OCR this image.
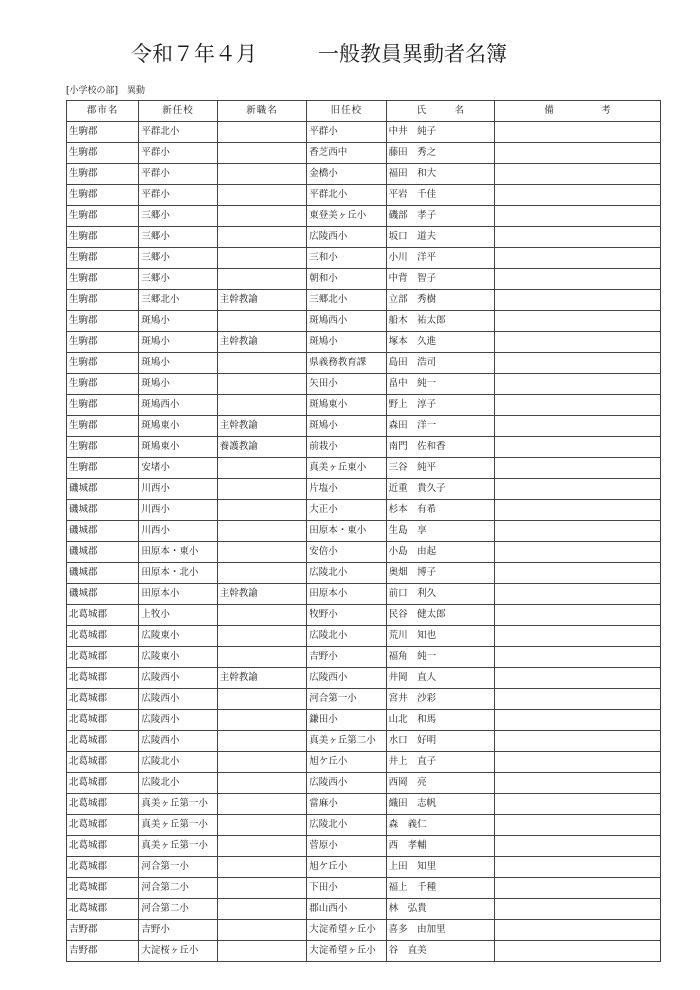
令和７年４月	一般教員異動者名簿
[小学校の部]　異動
郡市名	新任校	新職名	旧任校	氏　　　名	備　　　　　考
生駒郡	平群北小		平群小	中井　純子	
生駒郡	平群小		香芝西中	藤田　秀之	
生駒郡	平群小		金橋小	福田　和大	
生駒郡	平群小		平群北小	平岩　千佳	
生駒郡	三郷小		東登美ヶ丘小	磯部　孝子	
生駒郡	三郷小		広陵西小	坂口　道夫	
生駒郡	三郷小		三和小	小川　洋平	
生駒郡	三郷小		朝和小	中背　智子	
生駒郡	三郷北小	主幹教諭	三郷北小	立部　秀樹	
生駒郡	斑鳩小		斑鳩西小	船木　祐太郎	
生駒郡	斑鳩小	主幹教諭	斑鳩小	塚本　久進	
生駒郡	斑鳩小		県義務教育課	島田　浩司	
生駒郡	斑鳩小		矢田小	畠中　純一	
生駒郡	斑鳩西小		斑鳩東小	野上　淳子	
生駒郡	斑鳩東小	主幹教諭	斑鳩小	森田　洋一	
生駒郡	斑鳩東小	養護教諭	前栽小	南門　佐和香	
生駒郡	安堵小		真美ヶ丘東小	三谷　純平	
磯城郡	川西小		片塩小	近重　貴久子	
磯城郡	川西小		大正小	杉本　有希	
磯城郡	川西小		田原本・東小	生島　享	
磯城郡	田原本・東小		安倍小	小島　由起	
磯城郡	田原本・北小		広陵北小	奥畑　博子	
磯城郡	田原本小	主幹教諭	田原本小	前口　利久	
北葛城郡	上牧小		牧野小	民谷　健太郎	
北葛城郡	広陵東小		広陵北小	荒川　知也	
北葛城郡	広陵東小		吉野小	福角　純一	
北葛城郡	広陵西小	主幹教諭	広陵西小	井岡　直人	
北葛城郡	広陵西小		河合第一小	宮井　沙彩	
北葛城郡	広陵西小		鎌田小	山北　和馬	
北葛城郡	広陵西小		真美ヶ丘第二小	水口　好明	
北葛城郡	広陵北小		旭ケ丘小	井上　直子	
北葛城郡	広陵北小		広陵西小	西岡　亮	
北葛城郡	真美ヶ丘第一小		當麻小	織田　志帆	
北葛城郡	真美ヶ丘第一小		広陵北小	森　義仁	
北葛城郡	真美ヶ丘第一小		菅原小	西　孝輔	
北葛城郡	河合第一小		旭ケ丘小	上田　知里	
北葛城郡	河合第二小		下田小	福上　千種	
北葛城郡	河合第二小		郡山西小	林　弘貴	
吉野郡	吉野小		大淀希望ヶ丘小	喜多　由加里	
吉野郡	大淀桜ヶ丘小		大淀希望ヶ丘小	谷　直美	
